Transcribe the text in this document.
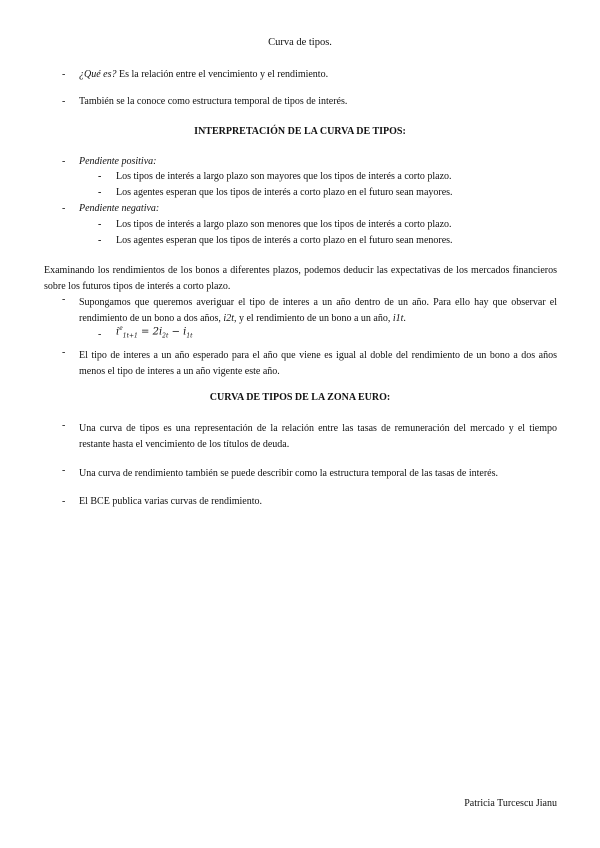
Curva de tipos.
- ¿Qué es? Es la relación entre el vencimiento y el rendimiento.
- También se la conoce como estructura temporal de tipos de interés.
INTERPRETACIÓN DE LA CURVA DE TIPOS:
- Pendiente positiva:
- Los tipos de interés a largo plazo son mayores que los tipos de interés a corto plazo.
- Los agentes esperan que los tipos de interés a corto plazo en el futuro sean mayores.
- Pendiente negativa:
- Los tipos de interés a largo plazo son menores que los tipos de interés a corto plazo.
- Los agentes esperan que los tipos de interés a corto plazo en el futuro sean menores.
Examinando los rendimientos de los bonos a diferentes plazos, podemos deducir las expectativas de los mercados financieros sobre los futuros tipos de interés a corto plazo.
- Supongamos que queremos averiguar el tipo de interes a un año dentro de un año. Para ello hay que observar el rendimiento de un bono a dos años, i2t, y el rendimiento de un bono a un año, i1t.
- $i^e_{1t+1} = 2i_{2t} - i_{1t}$
- El tipo de interes a un año esperado para el año que viene es igual al doble del rendimiento de un bono a dos años menos el tipo de interes a un año vigente este año.
CURVA DE TIPOS DE LA ZONA EURO:
- Una curva de tipos es una representación de la relación entre las tasas de remuneración del mercado y el tiempo restante hasta el vencimiento de los títulos de deuda.
- Una curva de rendimiento también se puede describir como la estructura temporal de las tasas de interés.
- El BCE publica varias curvas de rendimiento.
Patricia Turcescu Jianu
